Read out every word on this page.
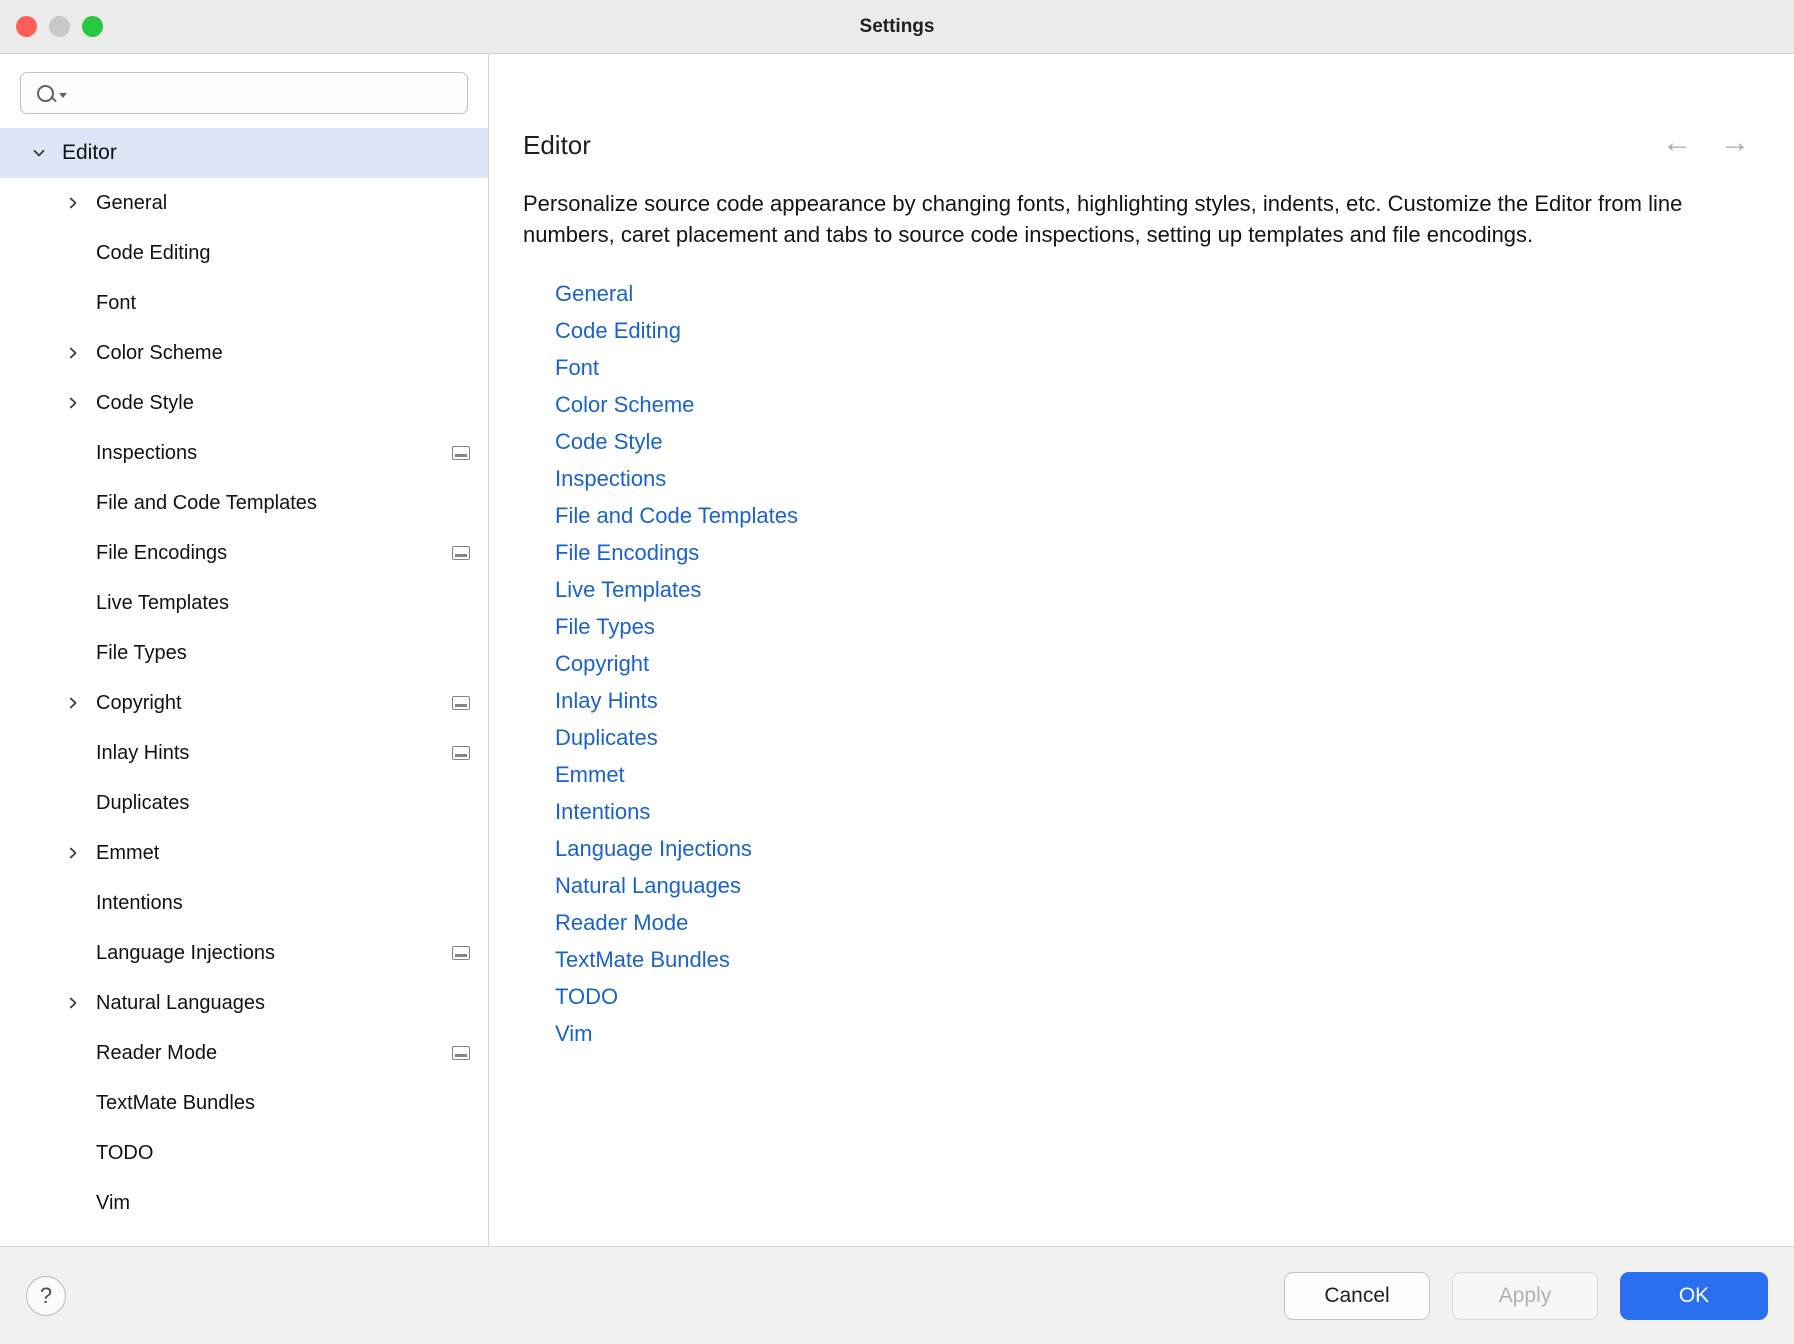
Settings
Editor
General
Code Editing
Font
Color Scheme
Code Style
Inspections
File and Code Templates
File Encodings
Live Templates
File Types
Copyright
Inlay Hints
Duplicates
Emmet
Intentions
Language Injections
Natural Languages
Reader Mode
TextMate Bundles
TODO
Vim
Editor	← →
Personalize source code appearance by changing fonts, highlighting styles, indents, etc. Customize the Editor from line numbers, caret placement and tabs to source code inspections, setting up templates and file encodings.
General
Code Editing
Font
Color Scheme
Code Style
Inspections
File and Code Templates
File Encodings
Live Templates
File Types
Copyright
Inlay Hints
Duplicates
Emmet
Intentions
Language Injections
Natural Languages
Reader Mode
TextMate Bundles
TODO
Vim
?	Cancel	Apply	OK
